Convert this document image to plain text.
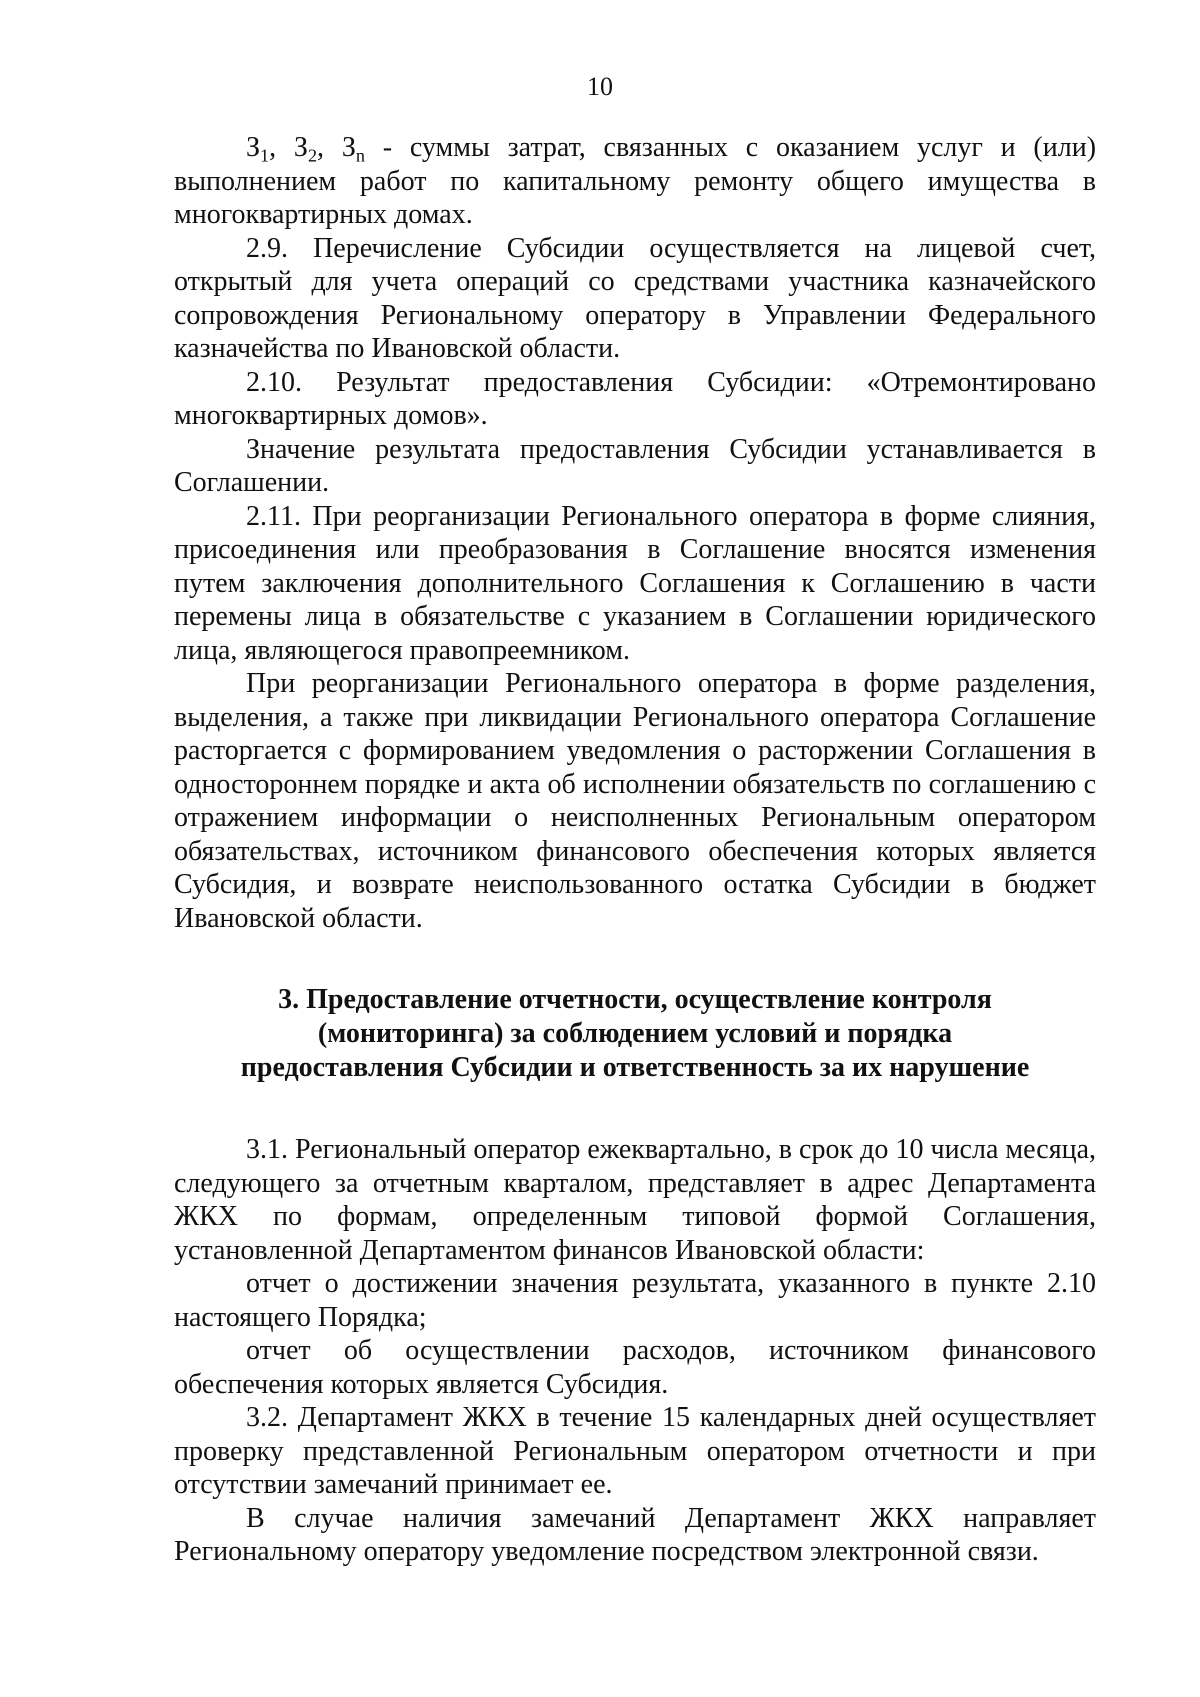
10

$З_1$, $З_2$, $З_n$ - суммы затрат, связанных с оказанием услуг и (или) выполнением работ по капитальному ремонту общего имущества в многоквартирных домах.

2.9. Перечисление Субсидии осуществляется на лицевой счет, открытый для учета операций со средствами участника казначейского сопровождения Региональному оператору в Управлении Федерального казначейства по Ивановской области.

2.10. Результат предоставления Субсидии: «Отремонтировано многоквартирных домов».

Значение результата предоставления Субсидии устанавливается в Соглашении.

2.11. При реорганизации Регионального оператора в форме слияния, присоединения или преобразования в Соглашение вносятся изменения путем заключения дополнительного Соглашения к Соглашению в части перемены лица в обязательстве с указанием в Соглашении юридического лица, являющегося правопреемником.

При реорганизации Регионального оператора в форме разделения, выделения, а также при ликвидации Регионального оператора Соглашение расторгается с формированием уведомления о расторжении Соглашения в одностороннем порядке и акта об исполнении обязательств по соглашению с отражением информации о неисполненных Региональным оператором обязательствах, источником финансового обеспечения которых является Субсидия, и возврате неиспользованного остатка Субсидии в бюджет Ивановской области.

3. Предоставление отчетности, осуществление контроля (мониторинга) за соблюдением условий и порядка предоставления Субсидии и ответственность за их нарушение

3.1. Региональный оператор ежеквартально, в срок до 10 числа месяца, следующего за отчетным кварталом, представляет в адрес Департамента ЖКХ по формам, определенным типовой формой Соглашения, установленной Департаментом финансов Ивановской области:

отчет о достижении значения результата, указанного в пункте 2.10 настоящего Порядка;

отчет об осуществлении расходов, источником финансового обеспечения которых является Субсидия.

3.2. Департамент ЖКХ в течение 15 календарных дней осуществляет проверку представленной Региональным оператором отчетности и при отсутствии замечаний принимает ее.

В случае наличия замечаний Департамент ЖКХ направляет Региональному оператору уведомление посредством электронной связи.
